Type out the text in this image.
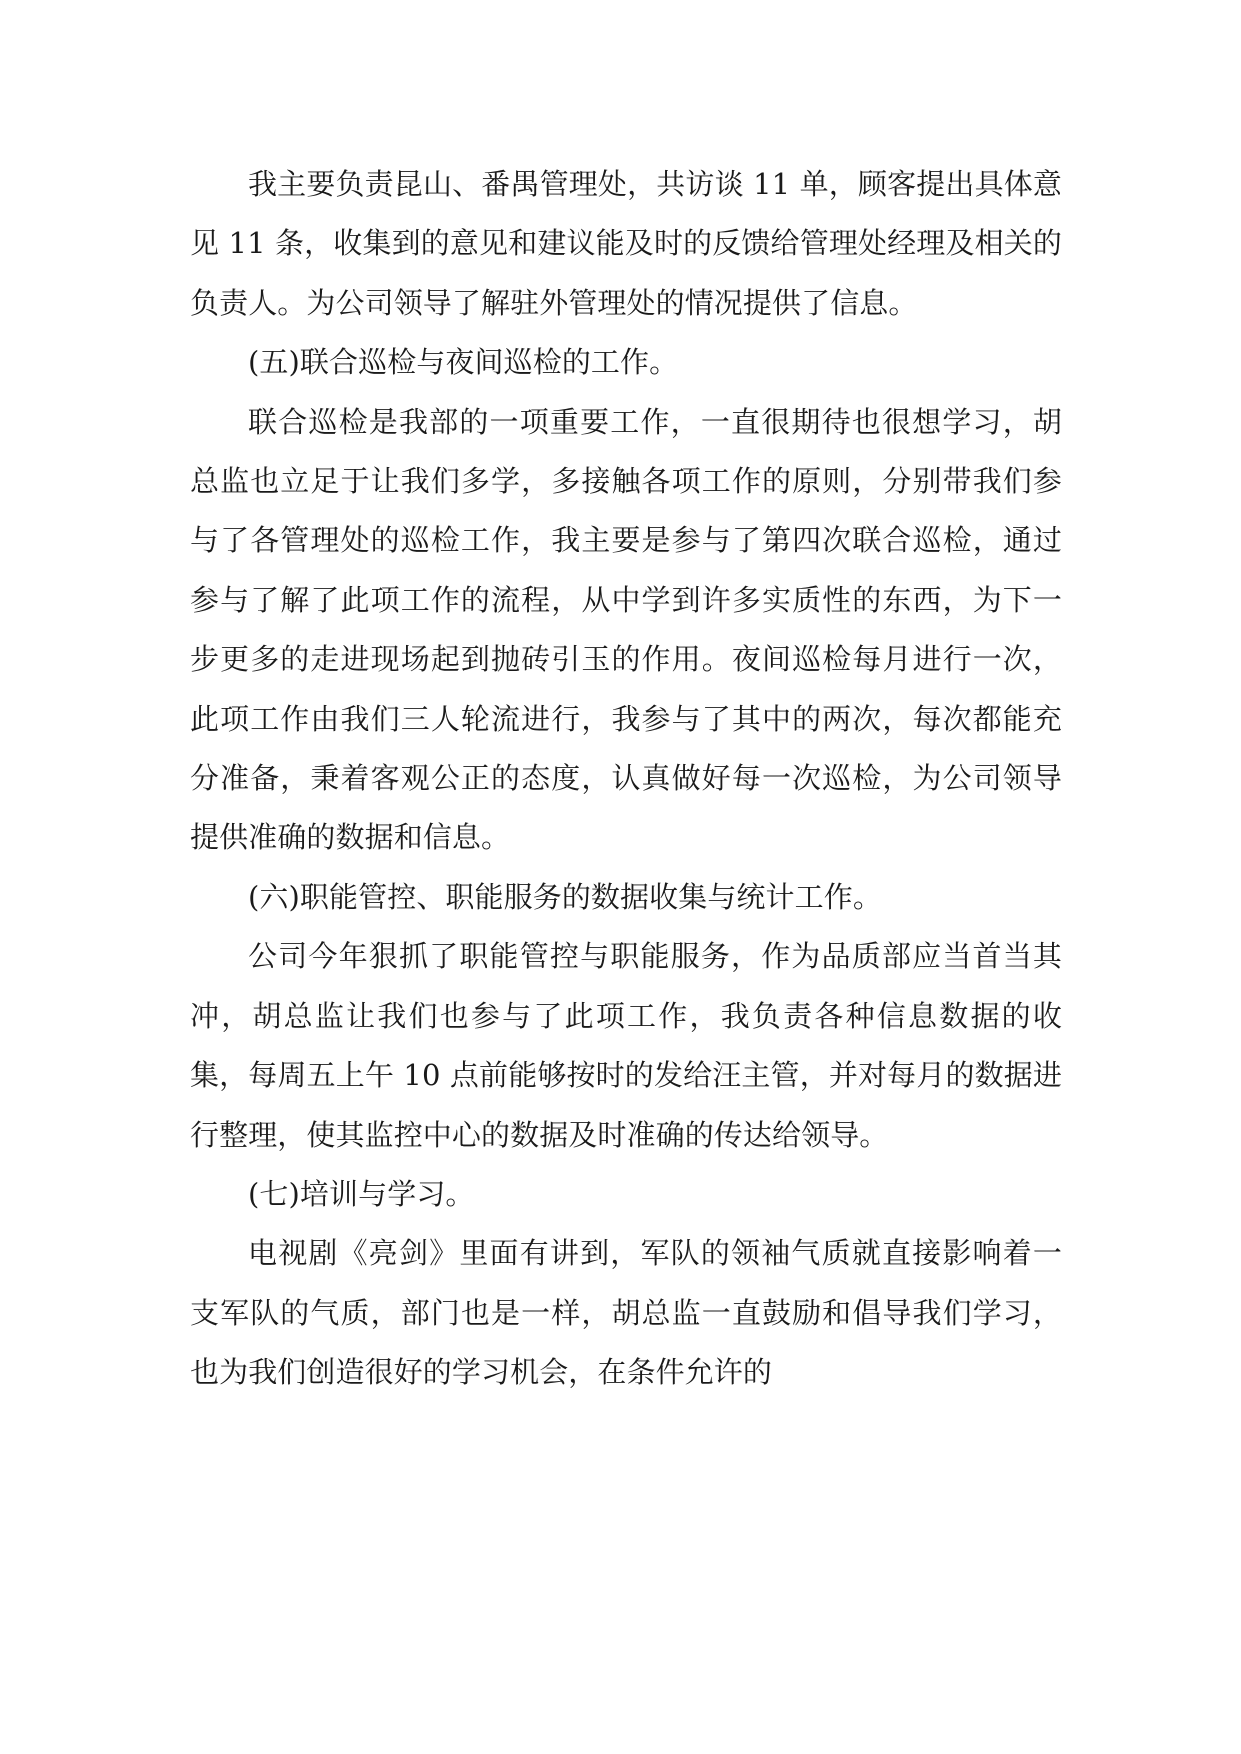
我主要负责昆山、番禺管理处，共访谈 11 单，顾客提出具体意见 11 条，收集到的意见和建议能及时的反馈给管理处经理及相关的负责人。为公司领导了解驻外管理处的情况提供了信息。

(五)联合巡检与夜间巡检的工作。

联合巡检是我部的一项重要工作，一直很期待也很想学习，胡总监也立足于让我们多学，多接触各项工作的原则，分别带我们参与了各管理处的巡检工作，我主要是参与了第四次联合巡检，通过参与了解了此项工作的流程，从中学到许多实质性的东西，为下一步更多的走进现场起到抛砖引玉的作用。夜间巡检每月进行一次，此项工作由我们三人轮流进行，我参与了其中的两次，每次都能充分准备，秉着客观公正的态度，认真做好每一次巡检，为公司领导提供准确的数据和信息。

(六)职能管控、职能服务的数据收集与统计工作。

公司今年狠抓了职能管控与职能服务，作为品质部应当首当其冲，胡总监让我们也参与了此项工作，我负责各种信息数据的收集，每周五上午 10 点前能够按时的发给汪主管，并对每月的数据进行整理，使其监控中心的数据及时准确的传达给领导。

(七)培训与学习。

电视剧《亮剑》里面有讲到，军队的领袖气质就直接影响着一支军队的气质，部门也是一样，胡总监一直鼓励和倡导我们学习，也为我们创造很好的学习机会，在条件允许的
